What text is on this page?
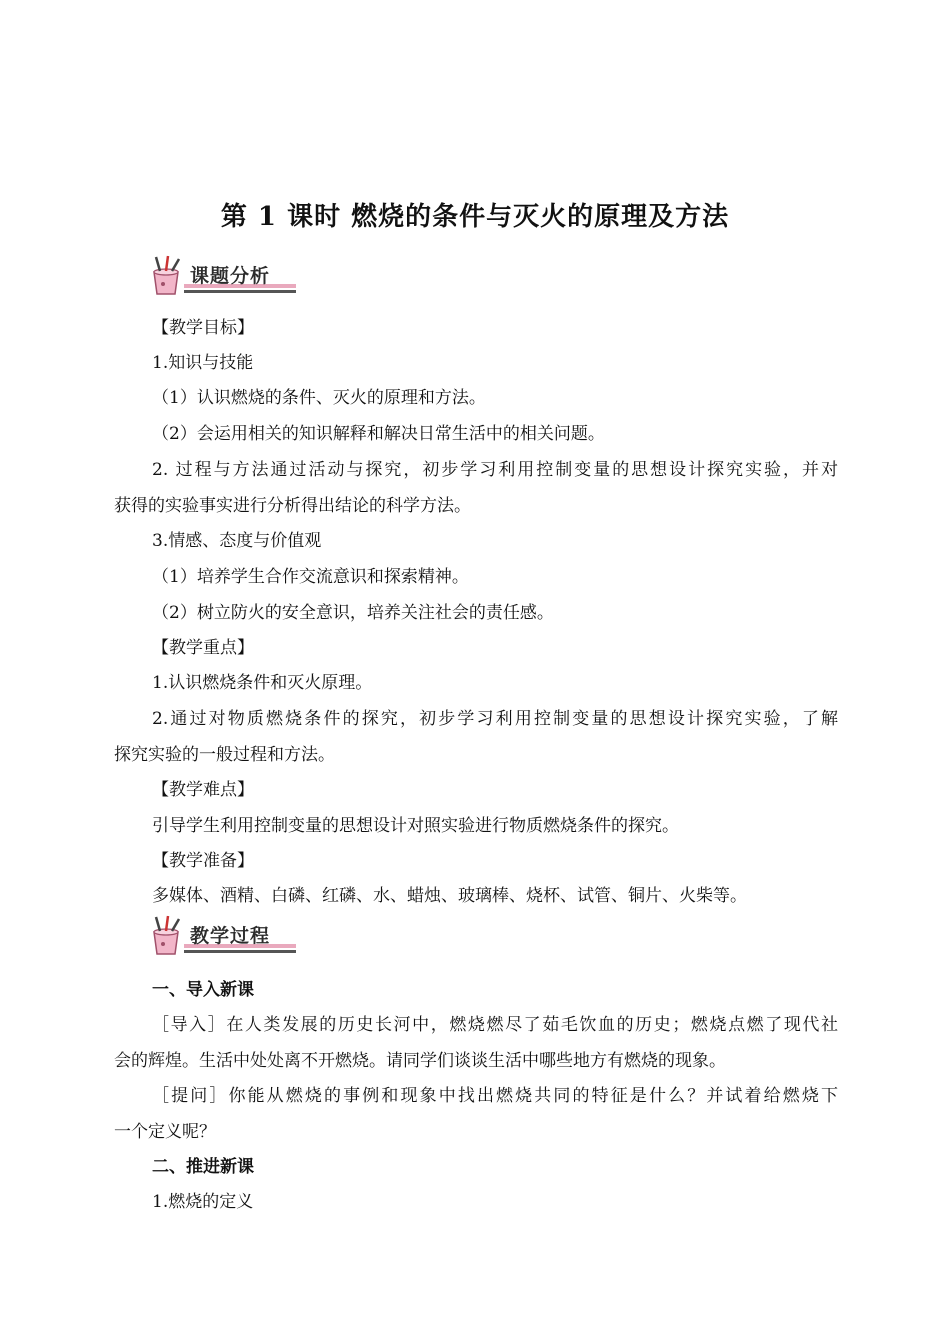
第 1 课时 燃烧的条件与灭火的原理及方法
课题分析
【教学目标】
1.知识与技能
（1）认识燃烧的条件、灭火的原理和方法。
（2）会运用相关的知识解释和解决日常生活中的相关问题。
2. 过程与方法通过活动与探究，初步学习利用控制变量的思想设计探究实验，并对
获得的实验事实进行分析得出结论的科学方法。
3.情感、态度与价值观
（1）培养学生合作交流意识和探索精神。
（2）树立防火的安全意识，培养关注社会的责任感。
【教学重点】
1.认识燃烧条件和灭火原理。
2.通过对物质燃烧条件的探究，初步学习利用控制变量的思想设计探究实验，了解
探究实验的一般过程和方法。
【教学难点】
引导学生利用控制变量的思想设计对照实验进行物质燃烧条件的探究。
【教学准备】
多媒体、酒精、白磷、红磷、水、蜡烛、玻璃棒、烧杯、试管、铜片、火柴等。
教学过程
一、导入新课
［导入］在人类发展的历史长河中，燃烧燃尽了茹毛饮血的历史；燃烧点燃了现代社
会的辉煌。生活中处处离不开燃烧。请同学们谈谈生活中哪些地方有燃烧的现象。
［提问］你能从燃烧的事例和现象中找出燃烧共同的特征是什么？并试着给燃烧下
一个定义呢？
二、推进新课
1.燃烧的定义
